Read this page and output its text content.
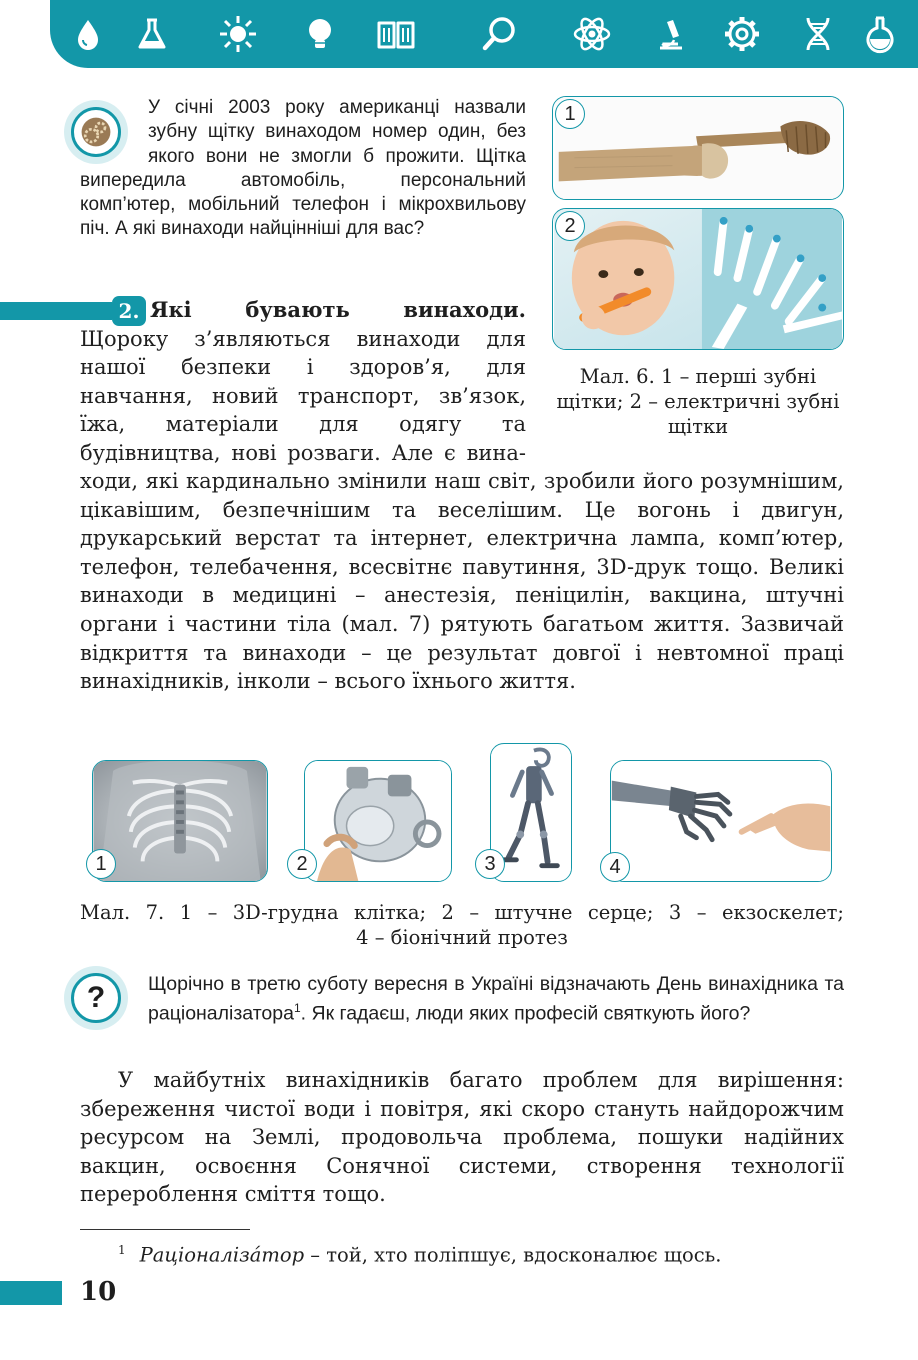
У січні 2003 року американці назвали зубну щітку винаходом номер один, без якого вони не змогли б прожити. Щітка випередила автомобіль, персональний комп’ютер, мобільний телефон і мікрохвильову піч. А які винаходи найцінніші для вас?
1
2
Мал. 6. 1 – перші зубні щітки; 2 – електричні зубні щітки
2. Які бувають винаходи. Щороку з’являються винаходи для нашої безпеки і здоров’я, для навчання, новий транспорт, зв’язок, їжа, матеріали для одягу та будівництва, нові розваги. Але є вина-
ходи, які кардинально змінили наш світ, зробили його розумнішим, цікавішим, безпечнішим та веселішим. Це вогонь і двигун, друкарський верстат та інтернет, електрична лампа, комп’ютер, телефон, телебачення, всесвітнє павутиння, 3D-друк тощо. Великі винаходи в медицині – анестезія, пеніцилін, вакцина, штучні органи і частини тіла (мал. 7) рятують багатьом життя. Зазвичай відкриття та винаходи – це результат довгої і невтомної праці винахідників, інколи – всього їхнього життя.
1	2	3	4
Мал. 7. 1 – 3D-грудна клітка; 2 – штучне серце; 3 – екзоскелет;
4 – біонічний протез
? Щорічно в третю суботу вересня в Україні відзначають День винахідника та раціоналізатора$^1$. Як гадаєш, люди яких професій святкують його?
У майбутніх винахідників багато проблем для вирішення: збереження чистої води і повітря, які скоро стануть найдорожчим ресурсом на Землі, продовольча проблема, пошуки надійних вакцин, освоєння Сонячної системи, створення технології перероблення сміття тощо.
$^1$ Раціоналізáтор – той, хто поліпшує, вдосконалює щось.
10
